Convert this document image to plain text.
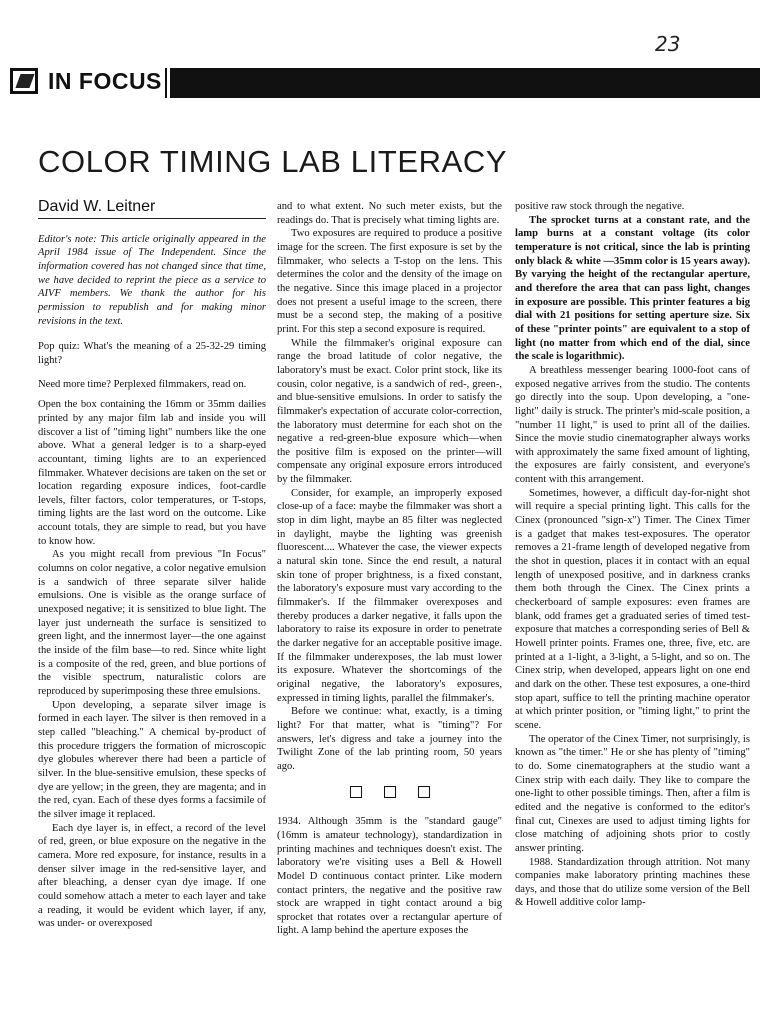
23
IN FOCUS
COLOR TIMING LAB LITERACY
David W. Leitner

Editor's note: This article originally appeared in the April 1984 issue of The Independent. Since the information covered has not changed since that time, we have decided to reprint the piece as a service to AIVF members. We thank the author for his permission to republish and for making minor revisions in the text.

Pop quiz: What's the meaning of a 25-32-29 timing light?

Need more time? Perplexed filmmakers, read on.

Open the box containing the 16mm or 35mm dailies printed by any major film lab and inside you will discover a list of "timing light" numbers like the one above. What a general ledger is to a sharp-eyed accountant, timing lights are to an experienced filmmaker. Whatever decisions are taken on the set or location regarding exposure indices, foot-cardle levels, filter factors, color temperatures, or T-stops, timing lights are the last word on the outcome. Like account totals, they are simple to read, but you have to know how.

As you might recall from previous "In Focus" columns on color negative, a color negative emulsion is a sandwich of three separate silver halide emulsions. One is visible as the orange surface of unexposed negative; it is sensitized to blue light. The layer just underneath the surface is sensitized to green light, and the innermost layer—the one against the inside of the film base—to red. Since white light is a composite of the red, green, and blue portions of the visible spectrum, naturalistic colors are reproduced by superimposing these three emulsions.

Upon developing, a separate silver image is formed in each layer. The silver is then removed in a step called "bleaching." A chemical by-product of this procedure triggers the formation of microscopic dye globules wherever there had been a particle of silver. In the blue-sensitive emulsion, these specks of dye are yellow; in the green, they are magenta; and in the red, cyan. Each of these dyes forms a facsimile of the silver image it replaced.

Each dye layer is, in effect, a record of the level of red, green, or blue exposure on the negative in the camera. More red exposure, for instance, results in a denser silver image in the red-sensitive layer, and after bleaching, a denser cyan dye image. If one could somehow attach a meter to each layer and take a reading, it would be evident which layer, if any, was under- or overexposed

and to what extent. No such meter exists, but the readings do. That is precisely what timing lights are.

Two exposures are required to produce a positive image for the screen. The first exposure is set by the filmmaker, who selects a T-stop on the lens. This determines the color and the density of the image on the negative. Since this image placed in a projector does not present a useful image to the screen, there must be a second step, the making of a positive print. For this step a second exposure is required.

While the filmmaker's original exposure can range the broad latitude of color negative, the laboratory's must be exact. Color print stock, like its cousin, color negative, is a sandwich of red-, green-, and blue-sensitive emulsions. In order to satisfy the filmmaker's expectation of accurate color-correction, the laboratory must determine for each shot on the negative a red-green-blue exposure which—when the positive film is exposed on the printer—will compensate any original exposure errors introduced by the filmmaker.

Consider, for example, an improperly exposed close-up of a face: maybe the filmmaker was short a stop in dim light, maybe an 85 filter was neglected in daylight, maybe the lighting was greenish fluorescent.... Whatever the case, the viewer expects a natural skin tone. Since the end result, a natural skin tone of proper brightness, is a fixed constant, the laboratory's exposure must vary according to the filmmaker's. If the filmmaker overexposes and thereby produces a darker negative, it falls upon the laboratory to raise its exposure in order to penetrate the darker negative for an acceptable positive image. If the filmmaker underexposes, the lab must lower its exposure. Whatever the shortcomings of the original negative, the laboratory's exposures, expressed in timing lights, parallel the filmmaker's.

Before we continue: what, exactly, is a timing light? For that matter, what is "timing"? For answers, let's digress and take a journey into the Twilight Zone of the lab printing room, 50 years ago.

1934. Although 35mm is the "standard gauge" (16mm is amateur technology), standardization in printing machines and techniques doesn't exist. The laboratory we're visiting uses a Bell & Howell Model D continuous contact printer. Like modern contact printers, the negative and the positive raw stock are wrapped in tight contact around a big sprocket that rotates over a rectangular aperture of light. A lamp behind the aperture exposes the

positive raw stock through the negative.

The sprocket turns at a constant rate, and the lamp burns at a constant voltage (its color temperature is not critical, since the lab is printing only black & white —35mm color is 15 years away). By varying the height of the rectangular aperture, and therefore the area that can pass light, changes in exposure are possible. This printer features a big dial with 21 positions for setting aperture size. Six of these "printer points" are equivalent to a stop of light (no matter from which end of the dial, since the scale is logarithmic).

A breathless messenger bearing 1000-foot cans of exposed negative arrives from the studio. The contents go directly into the soup. Upon developing, a "one-light" daily is struck. The printer's mid-scale position, a "number 11 light," is used to print all of the dailies. Since the movie studio cinematographer always works with approximately the same fixed amount of lighting, the exposures are fairly consistent, and everyone's content with this arrangement.

Sometimes, however, a difficult day-for-night shot will require a special printing light. This calls for the Cinex (pronounced "sign-x") Timer. The Cinex Timer is a gadget that makes test-exposures. The operator removes a 21-frame length of developed negative from the shot in question, places it in contact with an equal length of unexposed positive, and in darkness cranks them both through the Cinex. The Cinex prints a checkerboard of sample exposures: even frames are blank, odd frames get a graduated series of timed test-exposure that matches a corresponding series of Bell & Howell printer points. Frames one, three, five, etc. are printed at a 1-light, a 3-light, a 5-light, and so on. The Cinex strip, when developed, appears light on one end and dark on the other. These test exposures, a one-third stop apart, suffice to tell the printing machine operator at which printer position, or "timing light," to print the scene.

The operator of the Cinex Timer, not surprisingly, is known as "the timer." He or she has plenty of "timing" to do. Some cinematographers at the studio want a Cinex strip with each daily. They like to compare the one-light to other possible timings. Then, after a film is edited and the negative is conformed to the editor's final cut, Cinexes are used to adjust timing lights for close matching of adjoining shots prior to costly answer printing.

1988. Standardization through attrition. Not many companies make laboratory printing machines these days, and those that do utilize some version of the Bell & Howell additive color lamp-
